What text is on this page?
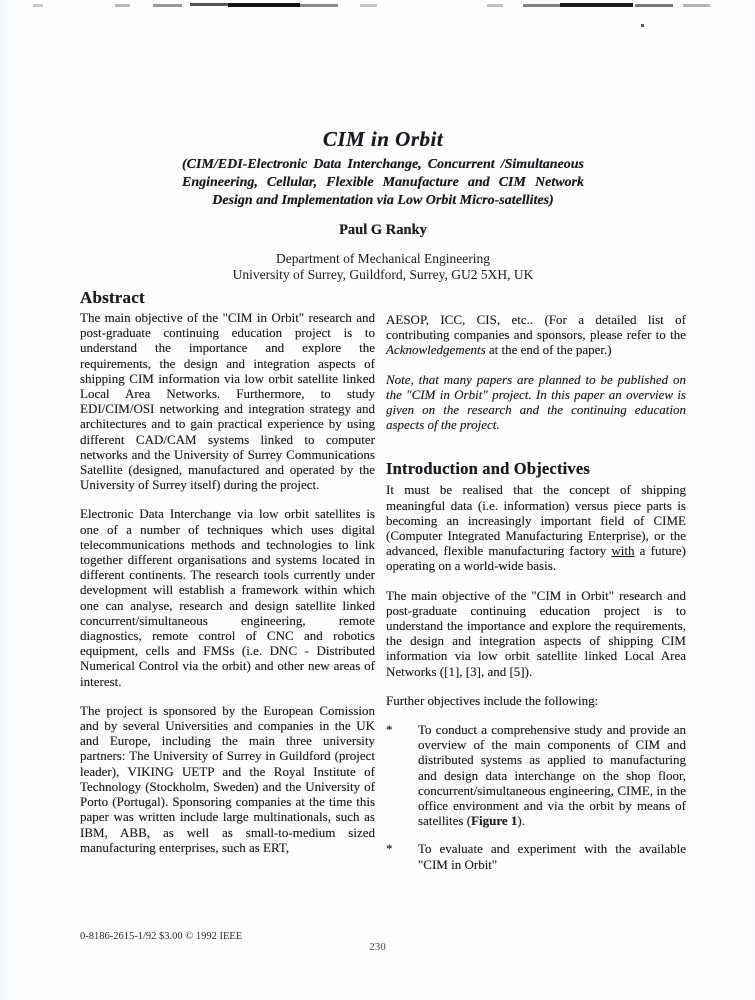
CIM in Orbit
(CIM/EDI-Electronic Data Interchange, Concurrent /Simultaneous Engineering, Cellular, Flexible Manufacture and CIM Network Design and Implementation via Low Orbit Micro-satellites)
Paul G Ranky
Department of Mechanical Engineering
University of Surrey, Guildford, Surrey, GU2 5XH, UK
Abstract

The main objective of the "CIM in Orbit" research and post-graduate continuing education project is to understand the importance and explore the requirements, the design and integration aspects of shipping CIM information via low orbit satellite linked Local Area Networks. Furthermore, to study EDI/CIM/OSI networking and integration strategy and architectures and to gain practical experience by using different CAD/CAM systems linked to computer networks and the University of Surrey Communications Satellite (designed, manufactured and operated by the University of Surrey itself) during the project.

Electronic Data Interchange via low orbit satellites is one of a number of techniques which uses digital telecommunications methods and technologies to link together different organisations and systems located in different continents. The research tools currently under development will establish a framework within which one can analyse, research and design satellite linked concurrent/simultaneous engineering, remote diagnostics, remote control of CNC and robotics equipment, cells and FMSs (i.e. DNC - Distributed Numerical Control via the orbit) and other new areas of interest.

The project is sponsored by the European Comission and by several Universities and companies in the UK and Europe, including the main three university partners: The University of Surrey in Guildford (project leader), VIKING UETP and the Royal Institute of Technology (Stockholm, Sweden) and the University of Porto (Portugal). Sponsoring companies at the time this paper was written include large multinationals, such as IBM, ABB, as well as small-to-medium sized manufacturing enterprises, such as ERT,

AESOP, ICC, CIS, etc.. (For a detailed list of contributing companies and sponsors, please refer to the Acknowledgements at the end of the paper.)

Note, that many papers are planned to be published on the "CIM in Orbit" project. In this paper an overview is given on the research and the continuing education aspects of the project.

Introduction and Objectives

It must be realised that the concept of shipping meaningful data (i.e. information) versus piece parts is becoming an increasingly important field of CIME (Computer Integrated Manufacturing Enterprise), or the advanced, flexible manufacturing factory with a future) operating on a world-wide basis.

The main objective of the "CIM in Orbit" research and post-graduate continuing education project is to understand the importance and explore the requirements, the design and integration aspects of shipping CIM information via low orbit satellite linked Local Area Networks ([1], [3], and [5]).

Further objectives include the following:

*	To conduct a comprehensive study and provide an overview of the main components of CIM and distributed systems as applied to manufacturing and design data interchange on the shop floor, concurrent/simultaneous engineering, CIME, in the office environment and via the orbit by means of satellites (Figure 1).

*	To evaluate and experiment with the available "CIM in Orbit"

0-8186-2615-1/92 $3.00 © 1992 IEEE
230
